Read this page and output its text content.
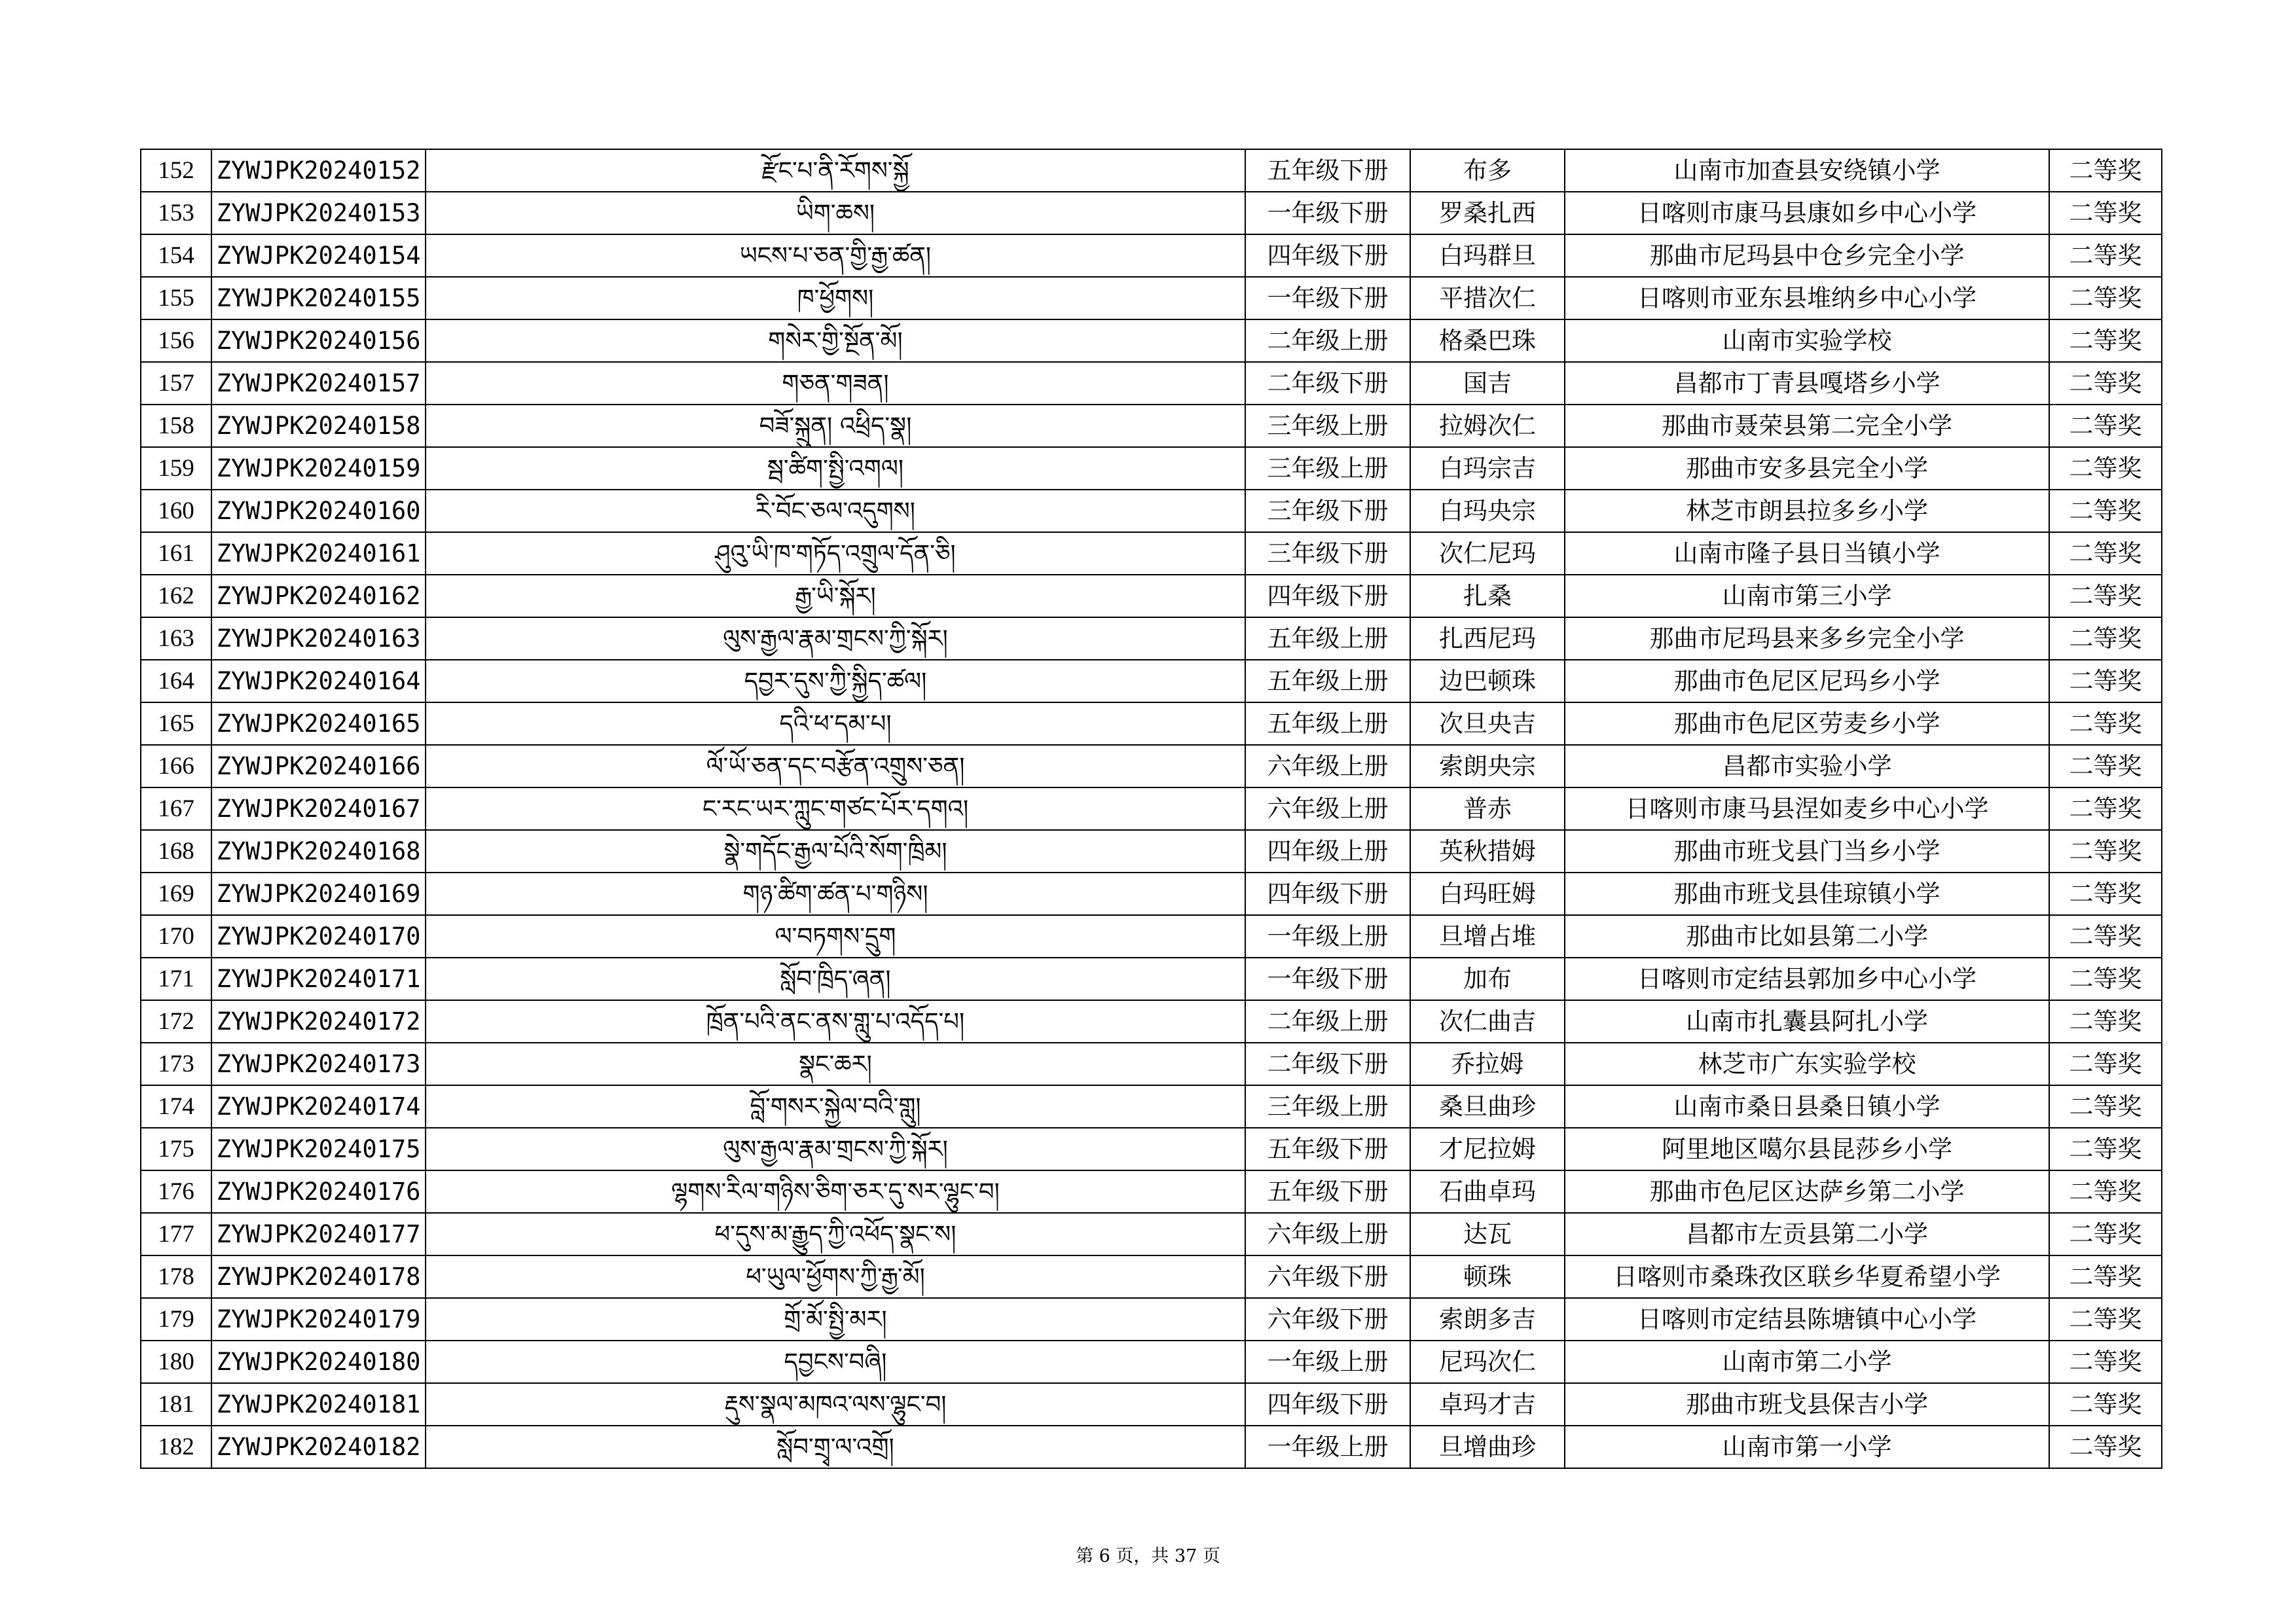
152	ZYWJPK20240152	རྫོང་པ་ནི་རོགས་སྐྱོ	五年级下册	布多	山南市加查县安绕镇小学	二等奖
153	ZYWJPK20240153	ཡིག་ཆས།	一年级下册	罗桑扎西	日喀则市康马县康如乡中心小学	二等奖
154	ZYWJPK20240154	ཡངས་པ་ཅན་གྱི་རྒྱ་ཚན།	四年级下册	白玛群旦	那曲市尼玛县中仓乡完全小学	二等奖
155	ZYWJPK20240155	ཁ་ཕྱོགས།	一年级下册	平措次仁	日喀则市亚东县堆纳乡中心小学	二等奖
156	ZYWJPK20240156	གསེར་གྱི་སྔོན་མོ།	二年级上册	格桑巴珠	山南市实验学校	二等奖
157	ZYWJPK20240157	གཅན་གཟན།	二年级下册	国吉	昌都市丁青县嘎塔乡小学	二等奖
158	ZYWJPK20240158	བཟོ་སྐྲུན། འཕྲིད་སྣ།	三年级上册	拉姆次仁	那曲市聂荣县第二完全小学	二等奖
159	ZYWJPK20240159	སྦ་ཚིག་སྤྱི་འགལ།	三年级上册	白玛宗吉	那曲市安多县完全小学	二等奖
160	ZYWJPK20240160	རི་བོང་ཅལ་འདུགས།	三年级下册	白玛央宗	林芝市朗县拉多乡小学	二等奖
161	ZYWJPK20240161	ཤུའུ་ཡི་ཁ་གཏོད་འགྲུལ་དོན་ཅི།	三年级下册	次仁尼玛	山南市隆子县日当镇小学	二等奖
162	ZYWJPK20240162	རྒྱ་ཡི་སྐོར།	四年级下册	扎桑	山南市第三小学	二等奖
163	ZYWJPK20240163	ལུས་རྒྱལ་རྣམ་གྲངས་ཀྱི་སྐོར།	五年级上册	扎西尼玛	那曲市尼玛县来多乡完全小学	二等奖
164	ZYWJPK20240164	དབྱར་དུས་ཀྱི་སྐྱིད་ཚལ།	五年级上册	边巴顿珠	那曲市色尼区尼玛乡小学	二等奖
165	ZYWJPK20240165	དའི་ཕ་དམ་པ།	五年级上册	次旦央吉	那曲市色尼区劳麦乡小学	二等奖
166	ZYWJPK20240166	ལོ་ཡོ་ཅན་དང་བརྩོན་འགྲུས་ཅན།	六年级上册	索朗央宗	昌都市实验小学	二等奖
167	ZYWJPK20240167	ང་རང་ཡར་ཀླུང་གཙང་པོར་དགའ།	六年级上册	普赤	日喀则市康马县涅如麦乡中心小学	二等奖
168	ZYWJPK20240168	སྣེ་གདོང་རྒྱལ་པོའི་སོག་ཁྲིམ།	四年级上册	英秋措姆	那曲市班戈县门当乡小学	二等奖
169	ZYWJPK20240169	གཉ་ཚིག་ཚན་པ་གཉིས།	四年级下册	白玛旺姆	那曲市班戈县佳琼镇小学	二等奖
170	ZYWJPK20240170	ལ་བཏགས་དྲུག	一年级上册	旦增占堆	那曲市比如县第二小学	二等奖
171	ZYWJPK20240171	སློབ་ཁྲིད་ཞན།	一年级下册	加布	日喀则市定结县郭加乡中心小学	二等奖
172	ZYWJPK20240172	ཁྲོན་པའི་ནང་ནས་གླུ་པ་འདོད་པ།	二年级上册	次仁曲吉	山南市扎囊县阿扎小学	二等奖
173	ZYWJPK20240173	སྣང་ཆར།	二年级下册	乔拉姆	林芝市广东实验学校	二等奖
174	ZYWJPK20240174	བློ་གསར་སྐྱེལ་བའི་གླུ།	三年级上册	桑旦曲珍	山南市桑日县桑日镇小学	二等奖
175	ZYWJPK20240175	ལུས་རྒྱལ་རྣམ་གྲངས་ཀྱི་སྐོར།	五年级下册	才尼拉姆	阿里地区噶尔县昆莎乡小学	二等奖
176	ZYWJPK20240176	ལྷགས་རིལ་གཉིས་ཅིག་ཅར་དུ་སར་ལྷུང་བ།	五年级下册	石曲卓玛	那曲市色尼区达萨乡第二小学	二等奖
177	ZYWJPK20240177	ཕ་དུས་མ་རྒྱུད་ཀྱི་འཕོད་སྣང་ས།	六年级上册	达瓦	昌都市左贡县第二小学	二等奖
178	ZYWJPK20240178	ཕ་ཡུལ་ཕྱོགས་ཀྱི་རྒྱ་མོ།	六年级下册	顿珠	日喀则市桑珠孜区联乡华夏希望小学	二等奖
179	ZYWJPK20240179	གྲོ་མོ་སྤྱི་མར།	六年级下册	索朗多吉	日喀则市定结县陈塘镇中心小学	二等奖
180	ZYWJPK20240180	དབྱངས་བཞི།	一年级上册	尼玛次仁	山南市第二小学	二等奖
181	ZYWJPK20240181	རྡུས་སྣལ་མཁའ་ལས་ལྷུང་བ།	四年级下册	卓玛才吉	那曲市班戈县保吉小学	二等奖
182	ZYWJPK20240182	སློབ་གྲྭ་ལ་འགྲོ།	一年级上册	旦增曲珍	山南市第一小学	二等奖
第 6 页，共 37 页
